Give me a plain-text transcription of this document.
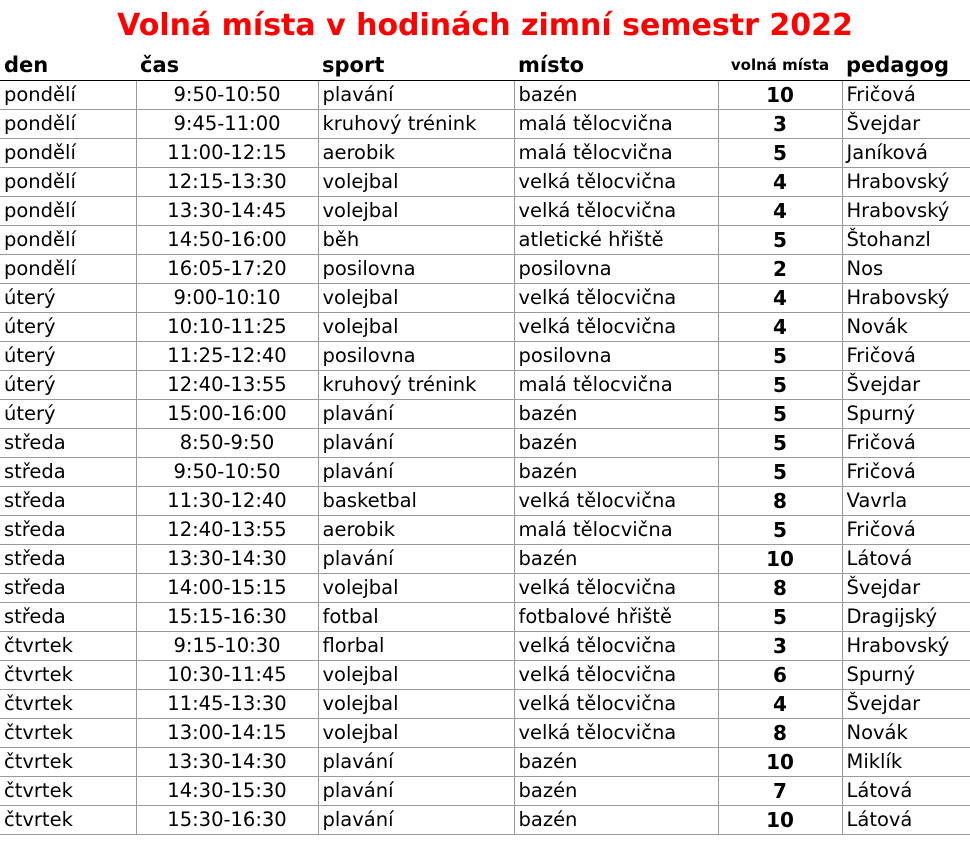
Volná místa v hodinách zimní semestr 2022
den	čas	sport	místo	volná místa	pedagog
pondělí	9:50-10:50	plavání	bazén	10	Fričová
pondělí	9:45-11:00	kruhový trénink	malá tělocvična	3	Švejdar
pondělí	11:00-12:15	aerobik	malá tělocvična	5	Janíková
pondělí	12:15-13:30	volejbal	velká tělocvična	4	Hrabovský
pondělí	13:30-14:45	volejbal	velká tělocvična	4	Hrabovský
pondělí	14:50-16:00	běh	atletické hřiště	5	Štohanzl
pondělí	16:05-17:20	posilovna	posilovna	2	Nos
úterý	9:00-10:10	volejbal	velká tělocvična	4	Hrabovský
úterý	10:10-11:25	volejbal	velká tělocvična	4	Novák
úterý	11:25-12:40	posilovna	posilovna	5	Fričová
úterý	12:40-13:55	kruhový trénink	malá tělocvična	5	Švejdar
úterý	15:00-16:00	plavání	bazén	5	Spurný
středa	8:50-9:50	plavání	bazén	5	Fričová
středa	9:50-10:50	plavání	bazén	5	Fričová
středa	11:30-12:40	basketbal	velká tělocvična	8	Vavrla
středa	12:40-13:55	aerobik	malá tělocvična	5	Fričová
středa	13:30-14:30	plavání	bazén	10	Látová
středa	14:00-15:15	volejbal	velká tělocvična	8	Švejdar
středa	15:15-16:30	fotbal	fotbalové hřiště	5	Dragijský
čtvrtek	9:15-10:30	florbal	velká tělocvična	3	Hrabovský
čtvrtek	10:30-11:45	volejbal	velká tělocvična	6	Spurný
čtvrtek	11:45-13:30	volejbal	velká tělocvična	4	Švejdar
čtvrtek	13:00-14:15	volejbal	velká tělocvična	8	Novák
čtvrtek	13:30-14:30	plavání	bazén	10	Miklík
čtvrtek	14:30-15:30	plavání	bazén	7	Látová
čtvrtek	15:30-16:30	plavání	bazén	10	Látová
